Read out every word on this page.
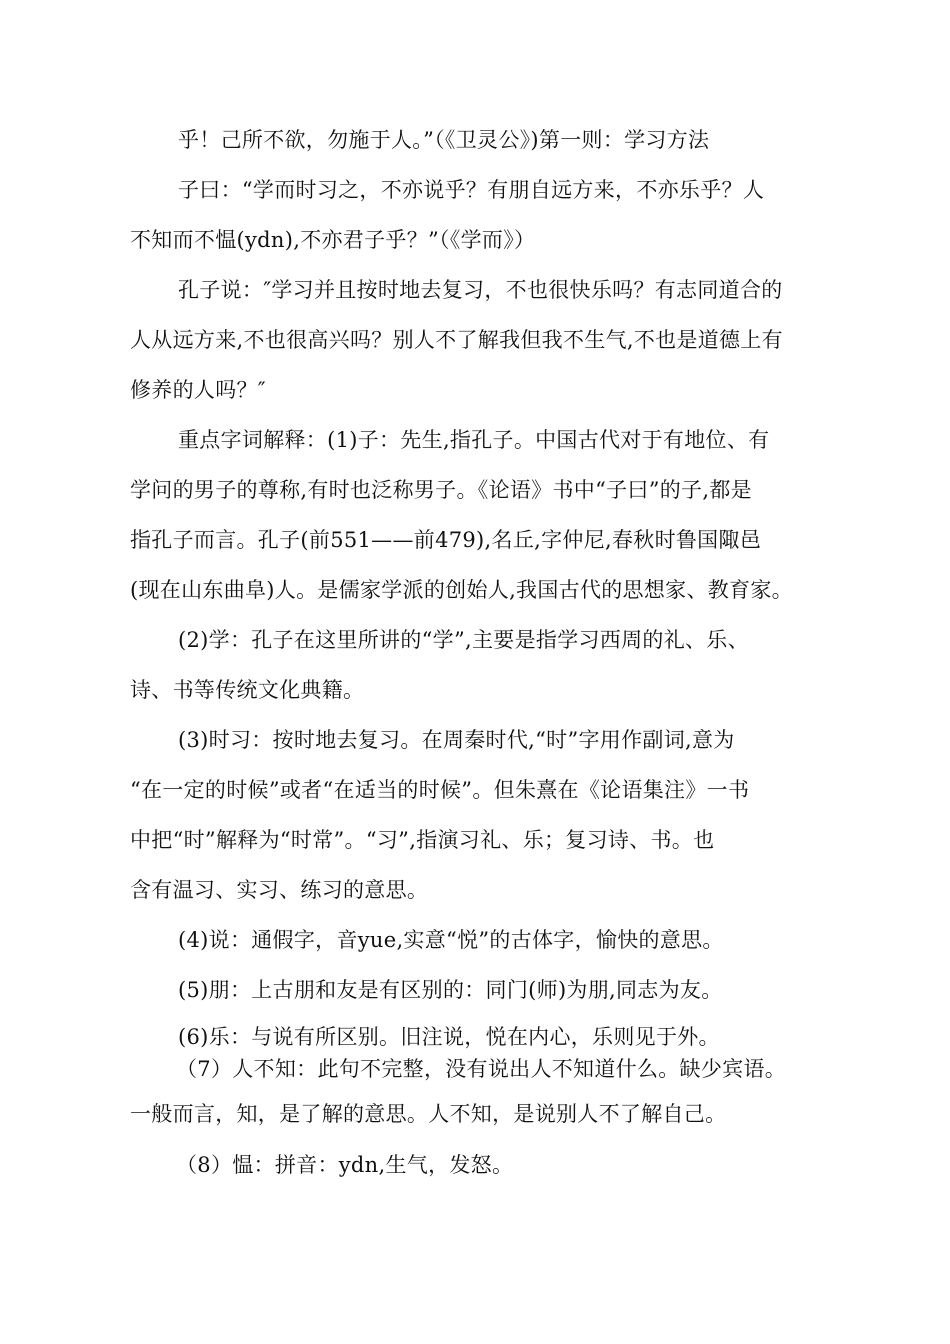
乎！己所不欲，勿施于人。”（《卫灵公》)第一则：学习方法
子曰：“学而时习之，不亦说乎？有朋自远方来，不亦乐乎？人
不知而不愠(ydn),不亦君子乎？”（《学而》）
孔子说：″学习并且按时地去复习，不也很快乐吗？有志同道合的
人从远方来,不也很高兴吗？别人不了解我但我不生气,不也是道德上有
修养的人吗？″
重点字词解释：(1)子：先生,指孔子。中国古代对于有地位、有
学问的男子的尊称,有时也泛称男子。《论语》书中“子曰”的子,都是
指孔子而言。孔子(前551——前479),名丘,字仲尼,春秋时鲁国陬邑
(现在山东曲阜)人。是儒家学派的创始人,我国古代的思想家、教育家。
(2)学：孔子在这里所讲的“学”,主要是指学习西周的礼、乐、
诗、书等传统文化典籍。
(3)时习：按时地去复习。在周秦时代,“时”字用作副词,意为
“在一定的时候”或者“在适当的时候”。但朱熹在《论语集注》一书
中把“时”解释为“时常”。“习”,指演习礼、乐；复习诗、书。也
含有温习、实习、练习的意思。
(4)说：通假字，音yue,实意“悦”的古体字，愉快的意思。
(5)朋：上古朋和友是有区别的：同门(师)为朋,同志为友。
(6)乐：与说有所区别。旧注说，悦在内心，乐则见于外。
（7）人不知：此句不完整，没有说出人不知道什么。缺少宾语。
一般而言，知，是了解的意思。人不知，是说别人不了解自己。
（8）愠：拼音：ydn,生气，发怒。
